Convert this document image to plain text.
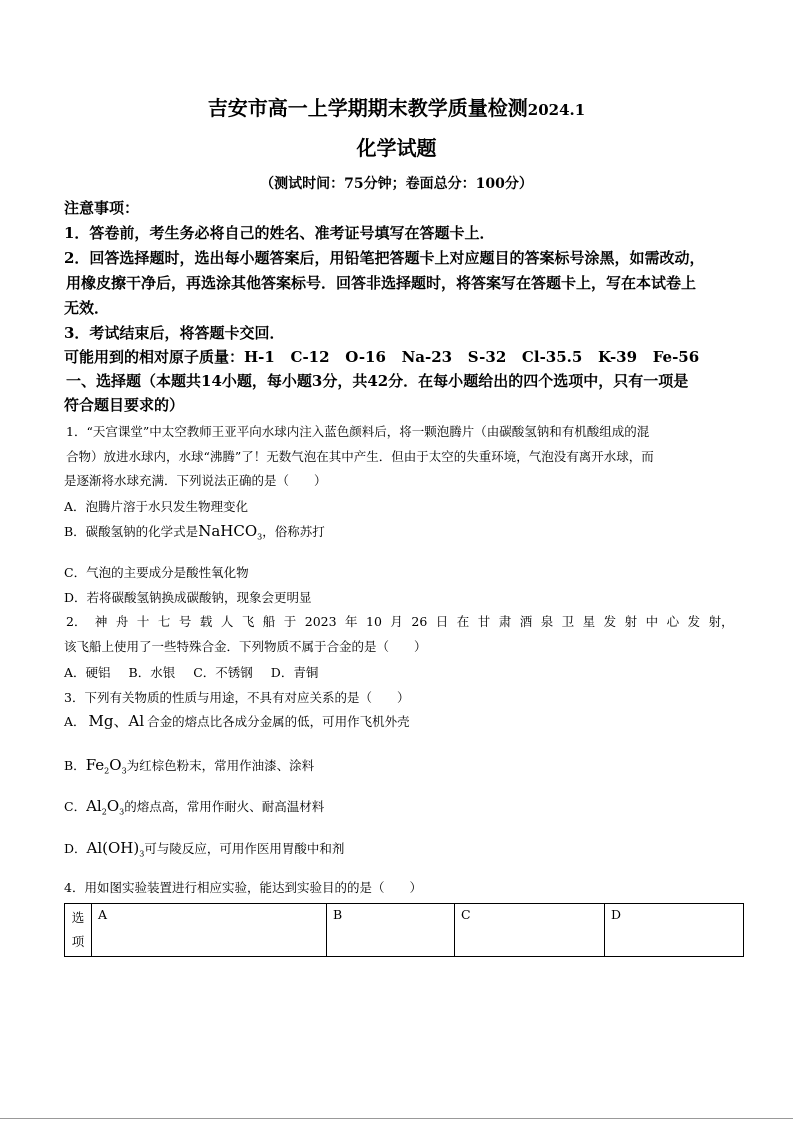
吉安市高一上学期期末教学质量检测2024.1
化学试题
（测试时间：75分钟；卷面总分：100分）
注意事项：
1．答卷前，考生务必将自己的姓名、准考证号填写在答题卡上．
2．回答选择题时，选出每小题答案后，用铅笔把答题卡上对应题目的答案标号涂黑，如需改动，
用橡皮擦干净后，再选涂其他答案标号．回答非选择题时，将答案写在答题卡上，写在本试卷上
无效．
3．考试结束后，将答题卡交回．
可能用到的相对原子质量：H-1   C-12   O-16   Na-23   S-32   Cl-35.5   K-39   Fe-56
一、选择题（本题共14小题，每小题3分，共42分．在每小题给出的四个选项中，只有一项是
符合题目要求的）
1．“天宫课堂”中太空教师王亚平向水球内注入蓝色颜料后，将一颗泡腾片（由碳酸氢钠和有机酸组成的混
合物）放进水球内，水球“沸腾”了！无数气泡在其中产生．但由于太空的失重环境，气泡没有离开水球，而
是逐渐将水球充满．下列说法正确的是（　　）
A．泡腾片溶于水只发生物理变化
B．碳酸氢钠的化学式是NaHCO$_3$，俗称苏打
C．气泡的主要成分是酸性氧化物
D．若将碳酸氢钠换成碳酸钠，现象会更明显
2． 神 舟 十 七 号 载 人 飞 船 于 2023 年 10 月 26 日 在 甘 肃 酒 泉 卫 星 发 射 中 心 发 射，
该飞船上使用了一些特殊合金．下列物质不属于合金的是（　　）
A．硬铝 B．水银 C．不锈钢 D．青铜
3．下列有关物质的性质与用途，不具有对应关系的是（　　）
A． Mg、Al 合金的熔点比各成分金属的低，可用作飞机外壳
B．$Fe_2O_3$为红棕色粉末，常用作油漆、涂料
C．$Al_2O_3$的熔点高，常用作耐火、耐高温材料
D．$Al(OH)_3$可与陵反应，可用作医用胃酸中和剂
4．用如图实验装置进行相应实验，能达到实验目的的是（　　）
选
项	A	B	C	D
